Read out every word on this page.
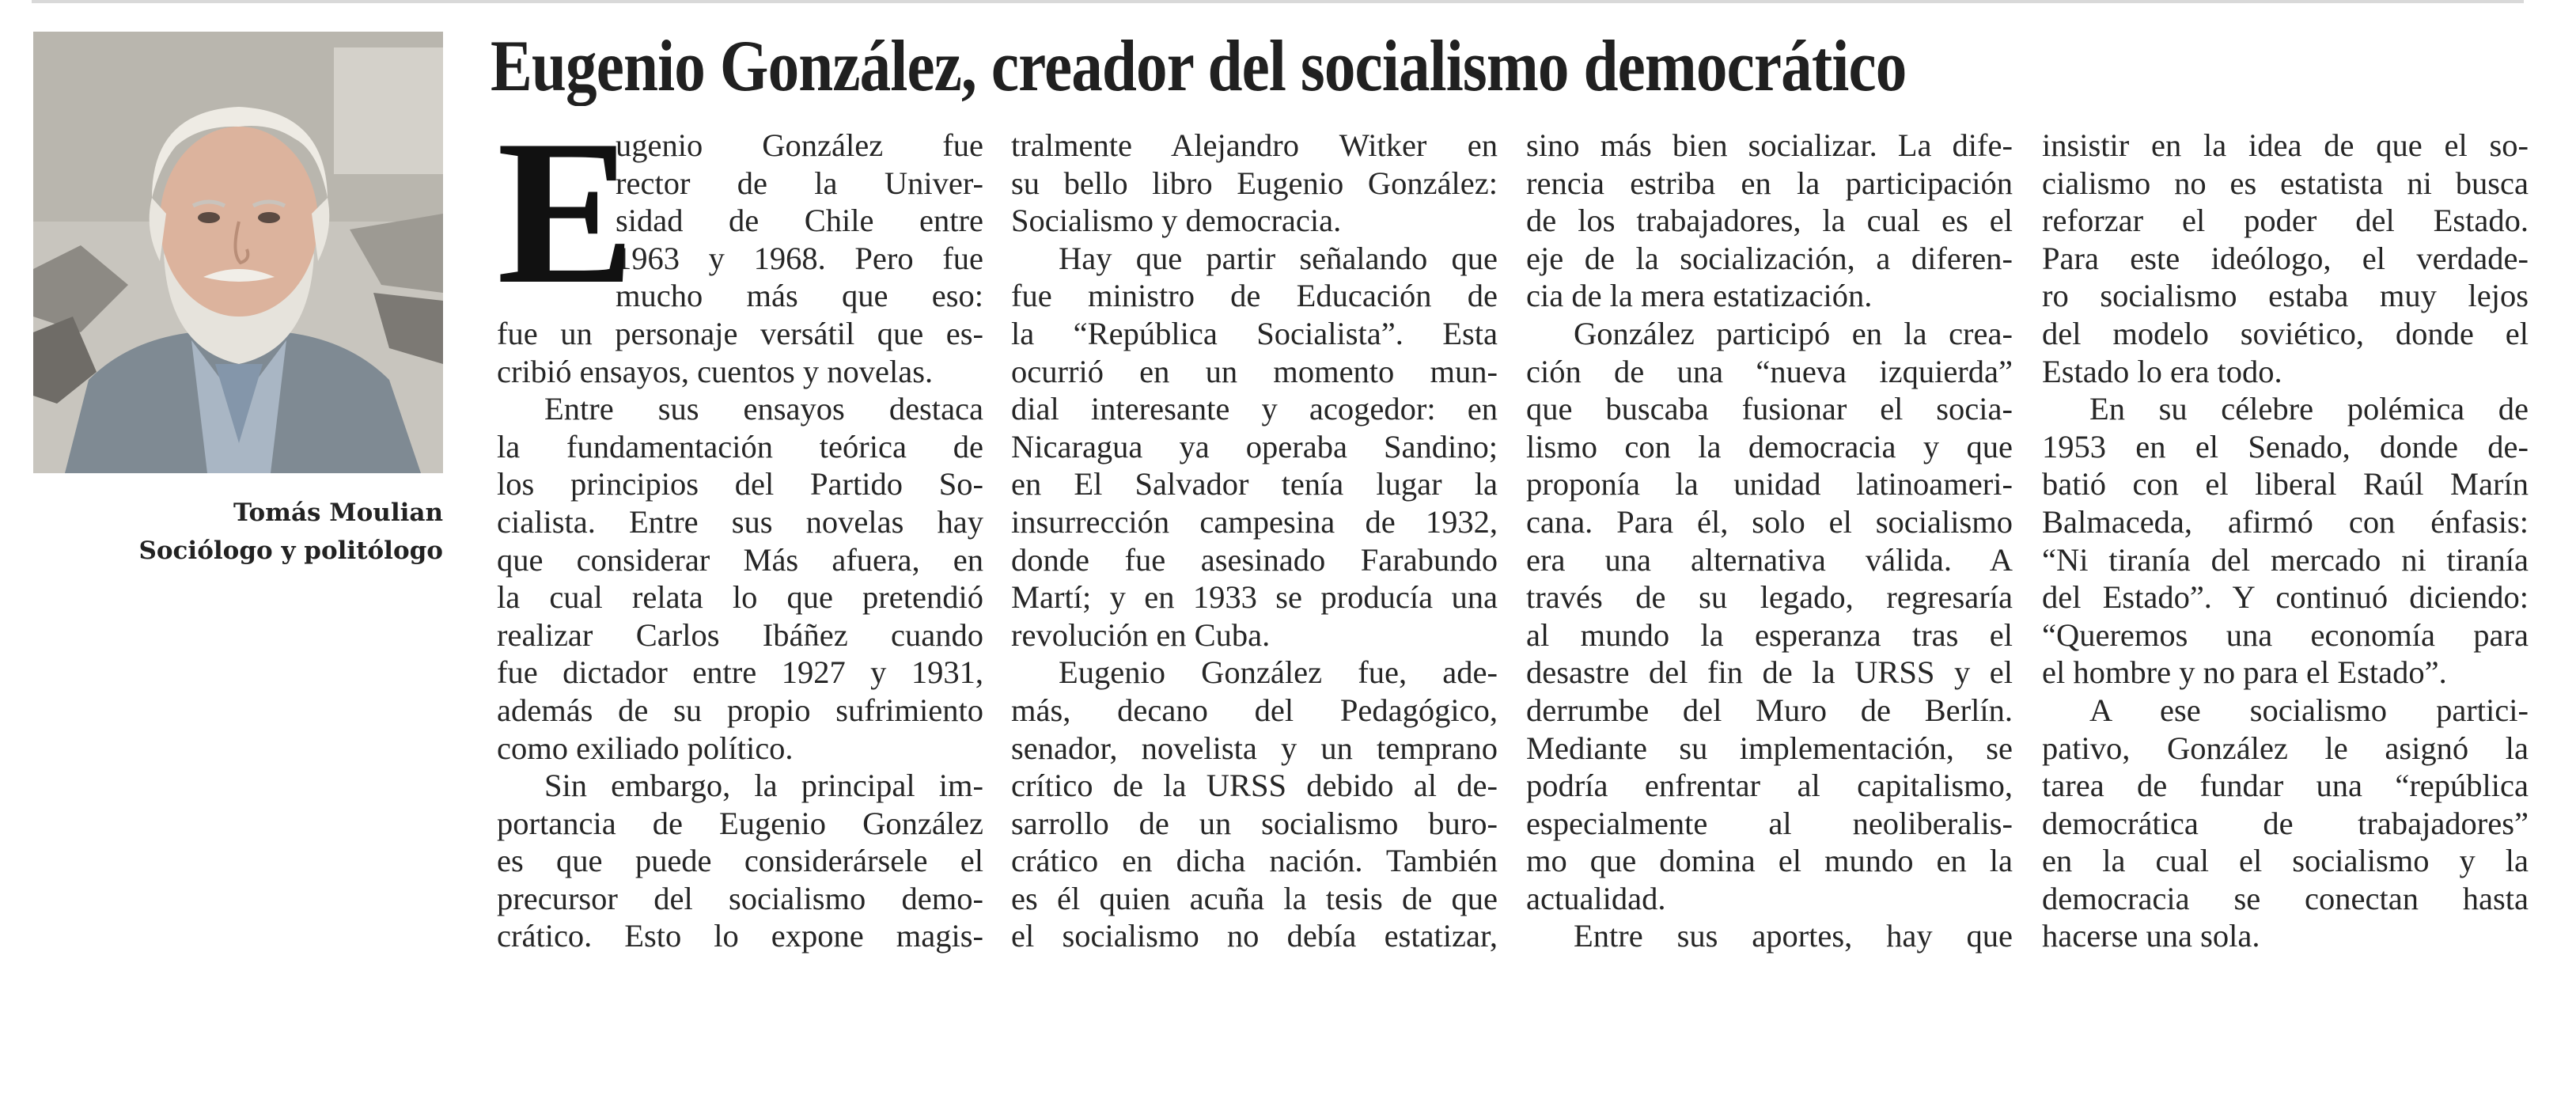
Tomás Moulian
Sociólogo y politólogo
Eugenio González, creador del socialismo democrático
E
ugenio González fue
rector de la Univer-
sidad de Chile entre
1963 y 1968. Pero fue
mucho más que eso:
fue un personaje versátil que es-
cribió ensayos, cuentos y novelas.
Entre sus ensayos destaca
la fundamentación teórica de
los principios del Partido So-
cialista. Entre sus novelas hay
que considerar Más afuera, en
la cual relata lo que pretendió
realizar Carlos Ibáñez cuando
fue dictador entre 1927 y 1931,
además de su propio sufrimiento
como exiliado político.
Sin embargo, la principal im-
portancia de Eugenio González
es que puede considerársele el
precursor del socialismo demo-
crático. Esto lo expone magis-
tralmente Alejandro Witker en
su bello libro Eugenio González:
Socialismo y democracia.
Hay que partir señalando que
fue ministro de Educación de
la “República Socialista”. Esta
ocurrió en un momento mun-
dial interesante y acogedor: en
Nicaragua ya operaba Sandino;
en El Salvador tenía lugar la
insurrección campesina de 1932,
donde fue asesinado Farabundo
Martí; y en 1933 se producía una
revolución en Cuba.
Eugenio González fue, ade-
más, decano del Pedagógico,
senador, novelista y un temprano
crítico de la URSS debido al de-
sarrollo de un socialismo buro-
crático en dicha nación. También
es él quien acuña la tesis de que
el socialismo no debía estatizar,
sino más bien socializar. La dife-
rencia estriba en la participación
de los trabajadores, la cual es el
eje de la socialización, a diferen-
cia de la mera estatización.
González participó en la crea-
ción de una “nueva izquierda”
que buscaba fusionar el socia-
lismo con la democracia y que
proponía la unidad latinoameri-
cana. Para él, solo el socialismo
era una alternativa válida. A
través de su legado, regresaría
al mundo la esperanza tras el
desastre del fin de la URSS y el
derrumbe del Muro de Berlín.
Mediante su implementación, se
podría enfrentar al capitalismo,
especialmente al neoliberalis-
mo que domina el mundo en la
actualidad.
Entre sus aportes, hay que
insistir en la idea de que el so-
cialismo no es estatista ni busca
reforzar el poder del Estado.
Para este ideólogo, el verdade-
ro socialismo estaba muy lejos
del modelo soviético, donde el
Estado lo era todo.
En su célebre polémica de
1953 en el Senado, donde de-
batió con el liberal Raúl Marín
Balmaceda, afirmó con énfasis:
“Ni tiranía del mercado ni tiranía
del Estado”. Y continuó diciendo:
“Queremos una economía para
el hombre y no para el Estado”.
A ese socialismo partici-
pativo, González le asignó la
tarea de fundar una “república
democrática de trabajadores”
en la cual el socialismo y la
democracia se conectan hasta
hacerse una sola.
